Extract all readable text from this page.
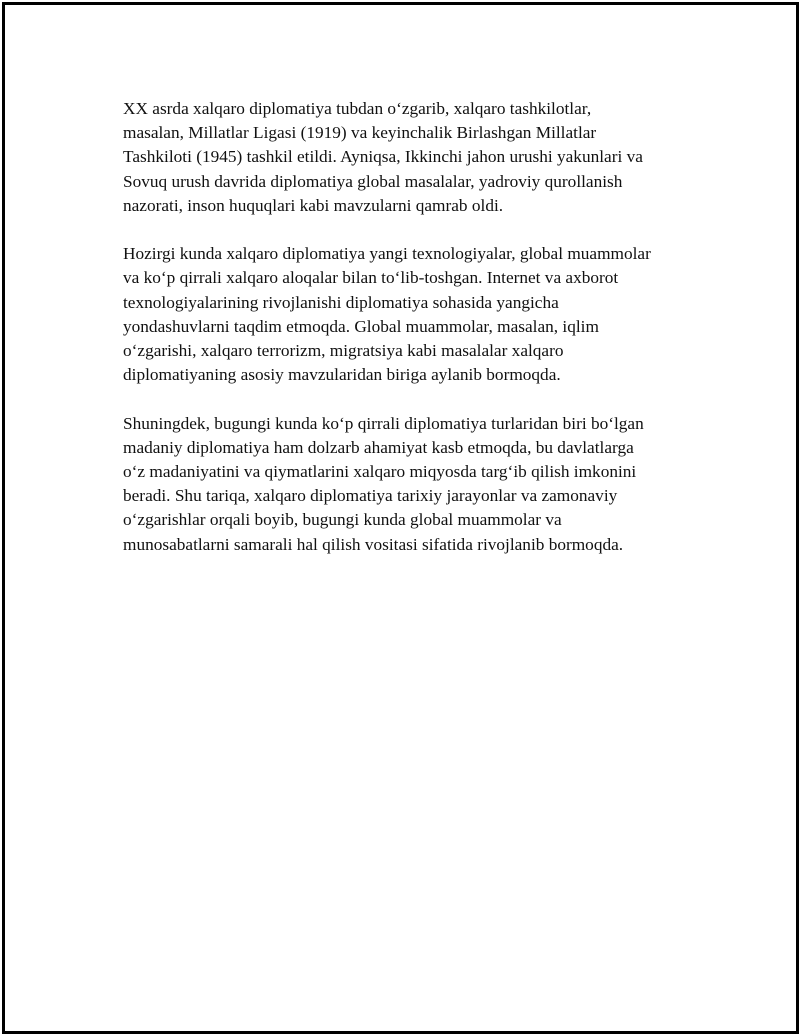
XX asrda xalqaro diplomatiya tubdan o‘zgarib, xalqaro tashkilotlar,
masalan, Millatlar Ligasi (1919) va keyinchalik Birlashgan Millatlar
Tashkiloti (1945) tashkil etildi. Ayniqsa, Ikkinchi jahon urushi yakunlari va
Sovuq urush davrida diplomatiya global masalalar, yadroviy qurollanish
nazorati, inson huquqlari kabi mavzularni qamrab oldi.

Hozirgi kunda xalqaro diplomatiya yangi texnologiyalar, global muammolar
va ko‘p qirrali xalqaro aloqalar bilan to‘lib-toshgan. Internet va axborot
texnologiyalarining rivojlanishi diplomatiya sohasida yangicha
yondashuvlarni taqdim etmoqda. Global muammolar, masalan, iqlim
o‘zgarishi, xalqaro terrorizm, migratsiya kabi masalalar xalqaro
diplomatiyaning asosiy mavzularidan biriga aylanib bormoqda.

Shuningdek, bugungi kunda ko‘p qirrali diplomatiya turlaridan biri bo‘lgan
madaniy diplomatiya ham dolzarb ahamiyat kasb etmoqda, bu davlatlarga
o‘z madaniyatini va qiymatlarini xalqaro miqyosda targ‘ib qilish imkonini
beradi. Shu tariqa, xalqaro diplomatiya tarixiy jarayonlar va zamonaviy
o‘zgarishlar orqali boyib, bugungi kunda global muammolar va
munosabatlarni samarali hal qilish vositasi sifatida rivojlanib bormoqda.
